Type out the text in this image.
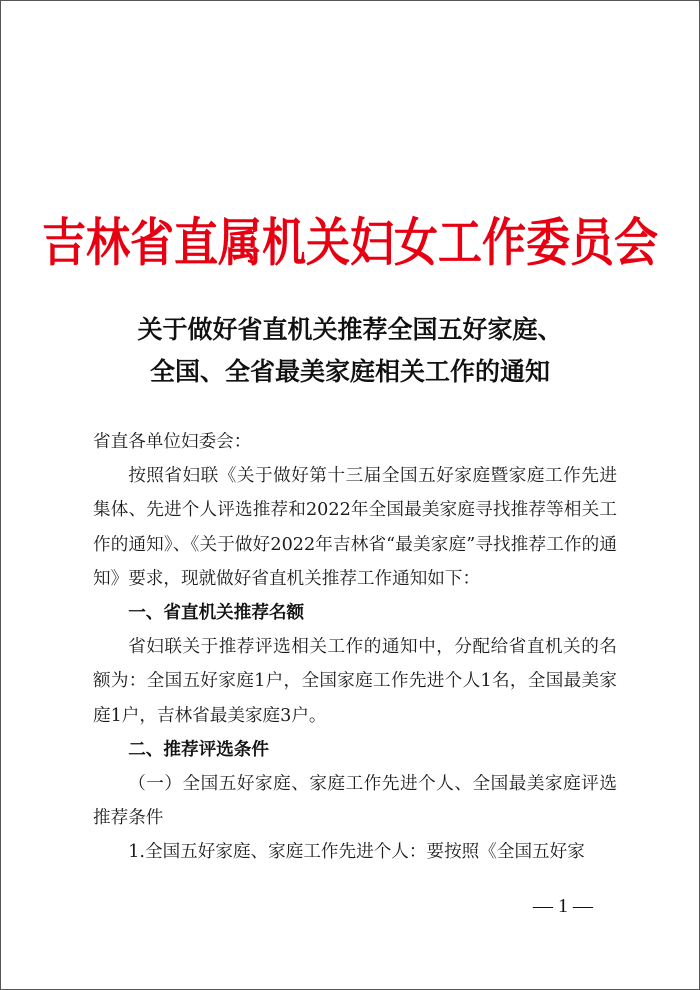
吉林省直属机关妇女工作委员会
关于做好省直机关推荐全国五好家庭、
全国、全省最美家庭相关工作的通知

省直各单位妇委会：

按照省妇联《关于做好第十三届全国五好家庭暨家庭工作先进集体、先进个人评选推荐和2022年全国最美家庭寻找推荐等相关工作的通知》、《关于做好2022年吉林省“最美家庭”寻找推荐工作的通知》要求，现就做好省直机关推荐工作通知如下：

一、省直机关推荐名额

省妇联关于推荐评选相关工作的通知中，分配给省直机关的名额为：全国五好家庭1户，全国家庭工作先进个人1名，全国最美家庭1户，吉林省最美家庭3户。

二、推荐评选条件

（一）全国五好家庭、家庭工作先进个人、全国最美家庭评选推荐条件

1.全国五好家庭、家庭工作先进个人：要按照《全国五好家

— 1 —
